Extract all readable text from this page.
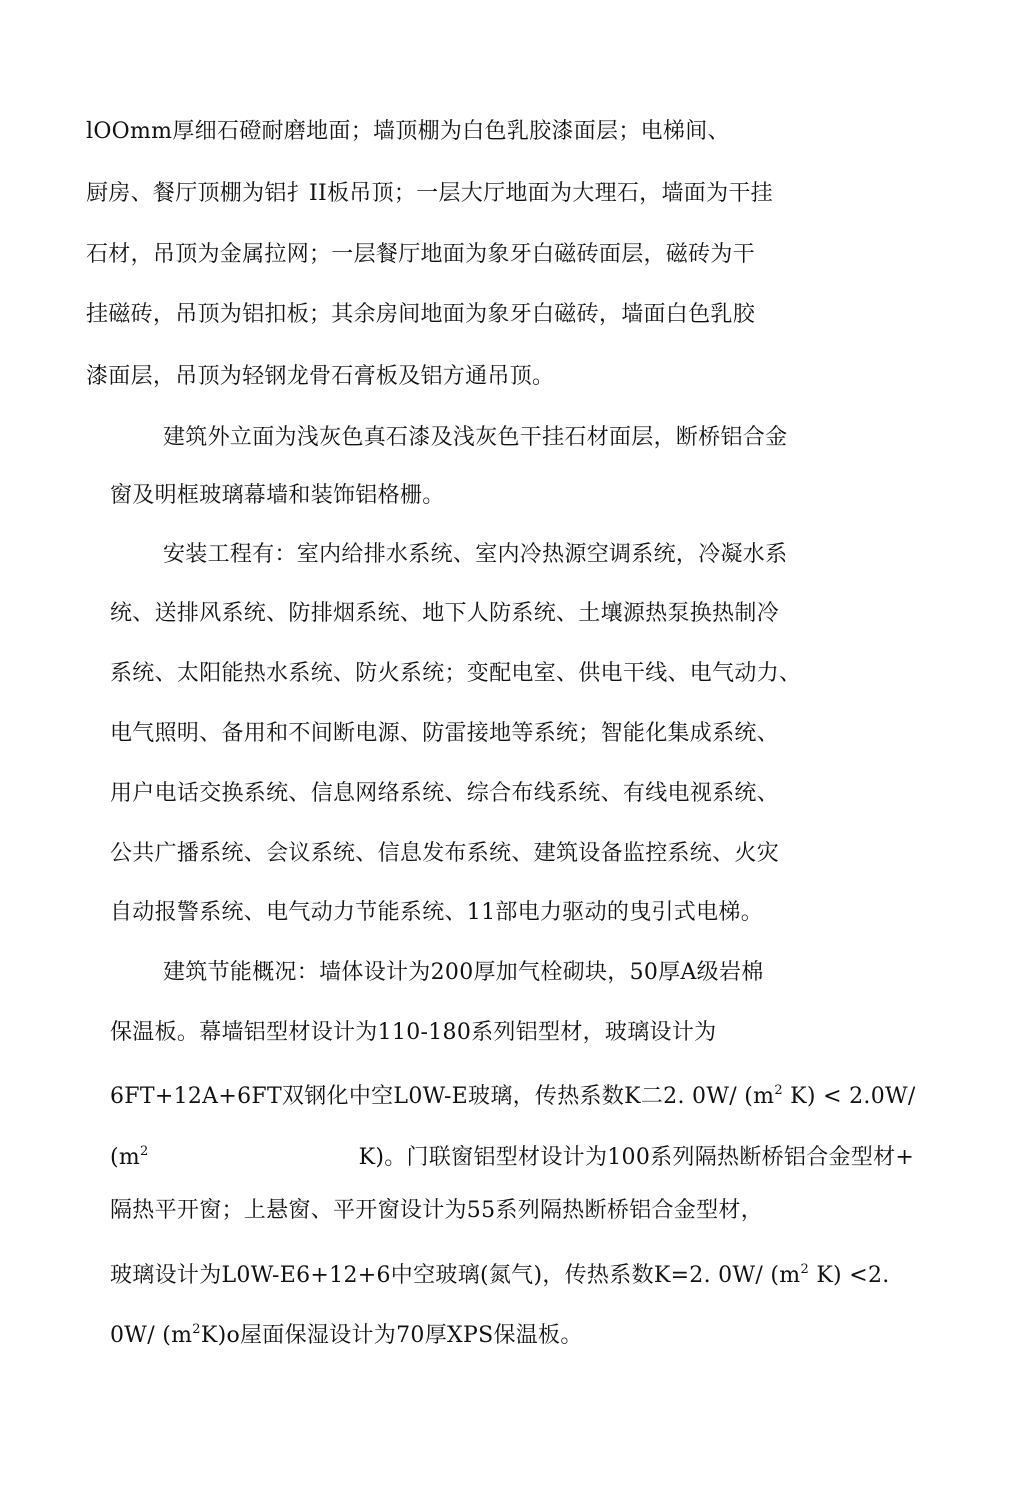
lOOmm厚细石磴耐磨地面；墙顶棚为白色乳胶漆面层；电梯间、
厨房、餐厅顶棚为铝扌II板吊顶；一层大厅地面为大理石，墙面为干挂
石材，吊顶为金属拉网；一层餐厅地面为象牙白磁砖面层，磁砖为干
挂磁砖，吊顶为铝扣板；其余房间地面为象牙白磁砖，墙面白色乳胶
漆面层，吊顶为轻钢龙骨石膏板及铝方通吊顶。
建筑外立面为浅灰色真石漆及浅灰色干挂石材面层，断桥铝合金
窗及明框玻璃幕墙和装饰铝格栅。
安装工程有：室内给排水系统、室内冷热源空调系统，冷凝水系
统、送排风系统、防排烟系统、地下人防系统、土壤源热泵换热制冷
系统、太阳能热水系统、防火系统；变配电室、供电干线、电气动力、
电气照明、备用和不间断电源、防雷接地等系统；智能化集成系统、
用户电话交换系统、信息网络系统、综合布线系统、有线电视系统、
公共广播系统、会议系统、信息发布系统、建筑设备监控系统、火灾
自动报警系统、电气动力节能系统、11部电力驱动的曳引式电梯。
建筑节能概况：墙体设计为200厚加气栓砌块，50厚A级岩棉
保温板。幕墙铝型材设计为110-180系列铝型材，玻璃设计为
6FT+12A+6FT双钢化中空L0W-E玻璃，传热系数K二2. 0W/ ($m^2$ K) < 2.0W/
($m^2$	K)。门联窗铝型材设计为100系列隔热断桥铝合金型材+
隔热平开窗；上悬窗、平开窗设计为55系列隔热断桥铝合金型材，
玻璃设计为L0W-E6+12+6中空玻璃(氮气)，传热系数K=2. 0W/ ($m^2$ K) <2.
0W/ $(m^2K)o$屋面保湿设计为70厚XPS保温板。
